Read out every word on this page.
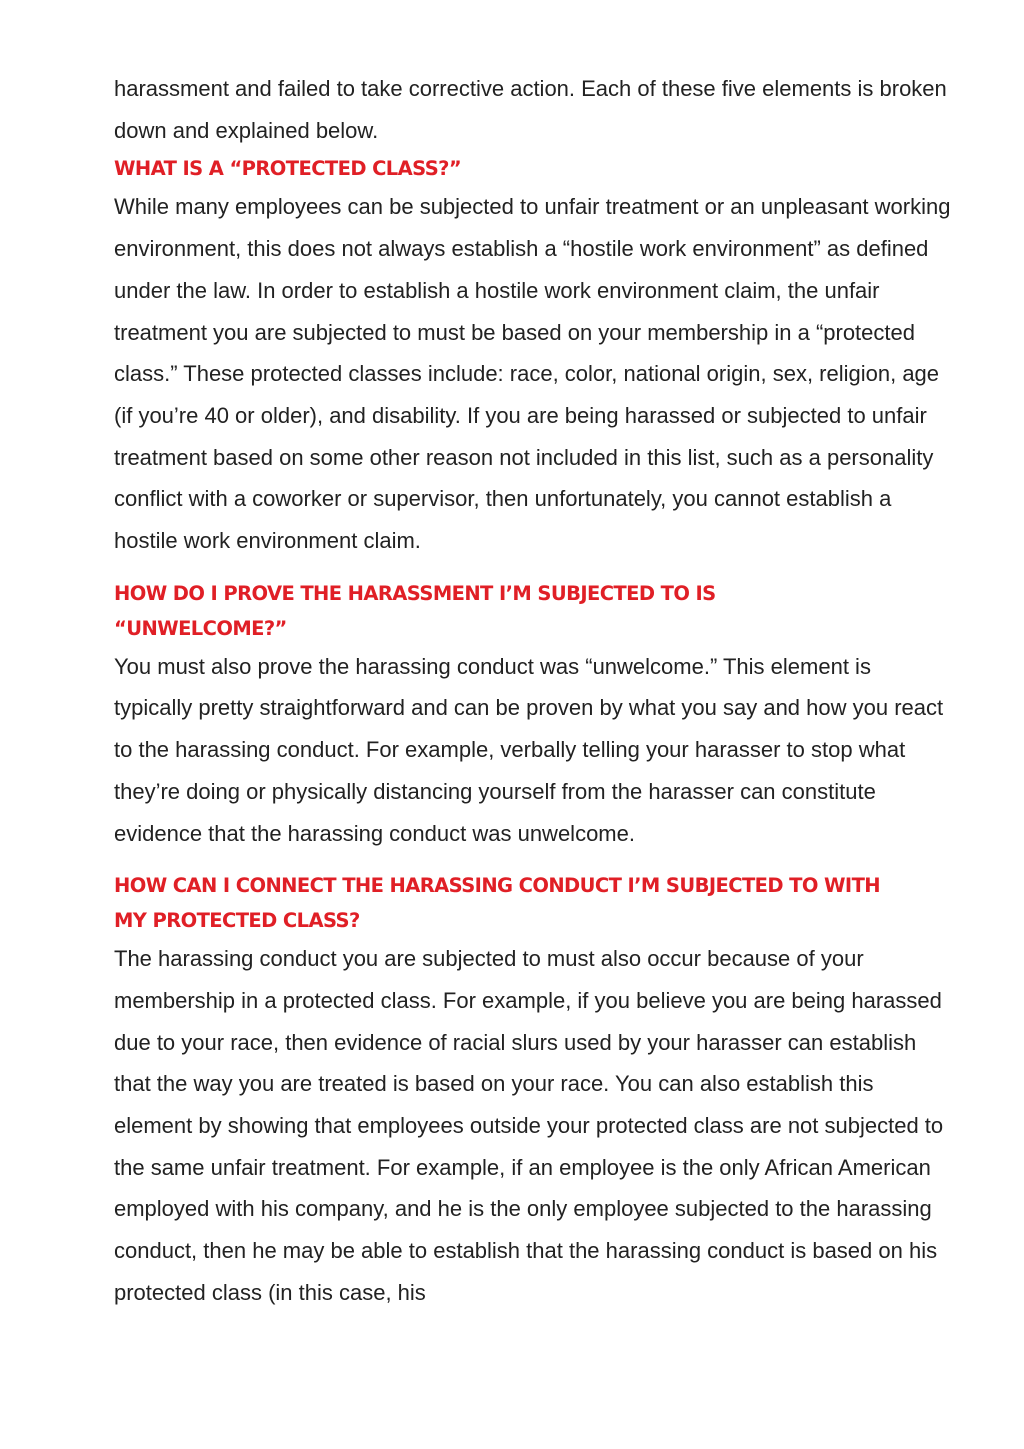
harassment and failed to take corrective action. Each of these five elements is broken down and explained below.

WHAT IS A “PROTECTED CLASS?”

While many employees can be subjected to unfair treatment or an unpleasant working environment, this does not always establish a “hostile work environment” as defined under the law. In order to establish a hostile work environment claim, the unfair treatment you are subjected to must be based on your membership in a “protected class.” These protected classes include: race, color, national origin, sex, religion, age (if you’re 40 or older), and disability. If you are being harassed or subjected to unfair treatment based on some other reason not included in this list, such as a personality conflict with a coworker or supervisor, then unfortunately, you cannot establish a hostile work environment claim.

HOW DO I PROVE THE HARASSMENT I’M SUBJECTED TO IS “UNWELCOME?”

You must also prove the harassing conduct was “unwelcome.” This element is typically pretty straightforward and can be proven by what you say and how you react to the harassing conduct. For example, verbally telling your harasser to stop what they’re doing or physically distancing yourself from the harasser can constitute evidence that the harassing conduct was unwelcome.

HOW CAN I CONNECT THE HARASSING CONDUCT I’M SUBJECTED TO WITH MY PROTECTED CLASS?

The harassing conduct you are subjected to must also occur because of your membership in a protected class. For example, if you believe you are being harassed due to your race, then evidence of racial slurs used by your harasser can establish that the way you are treated is based on your race. You can also establish this element by showing that employees outside your protected class are not subjected to the same unfair treatment. For example, if an employee is the only African American employed with his company, and he is the only employee subjected to the harassing conduct, then he may be able to establish that the harassing conduct is based on his protected class (in this case, his
